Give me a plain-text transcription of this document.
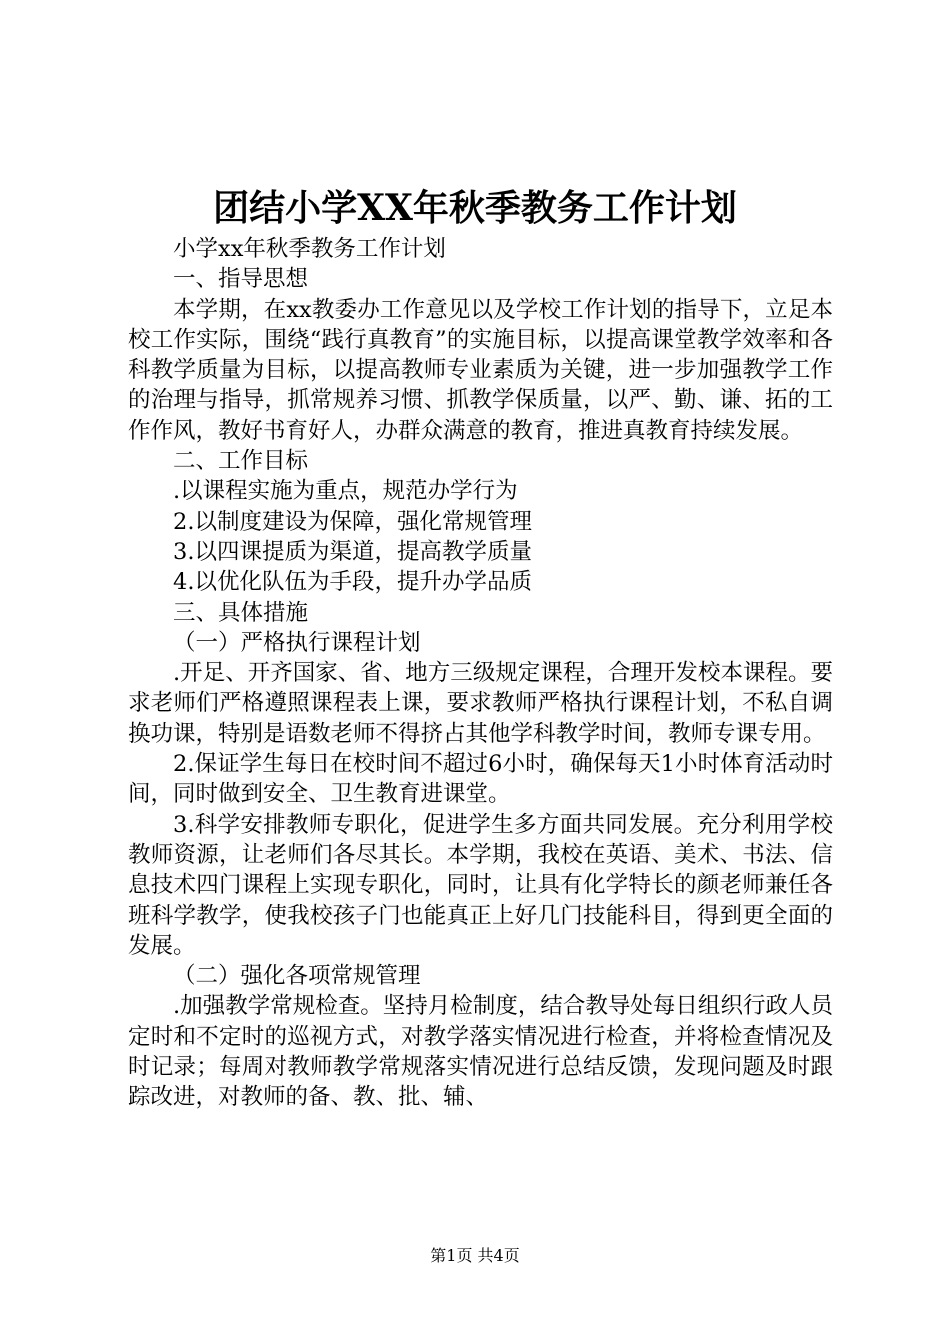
团结小学XX年秋季教务工作计划

小学xx年秋季教务工作计划

一、指导思想

本学期，在xx教委办工作意见以及学校工作计划的指导下，立足本校工作实际，围绕“践行真教育”的实施目标，以提高课堂教学效率和各科教学质量为目标，以提高教师专业素质为关键，进一步加强教学工作的治理与指导，抓常规养习惯、抓教学保质量，以严、勤、谦、拓的工作作风，教好书育好人，办群众满意的教育，推进真教育持续发展。

二、工作目标

.以课程实施为重点，规范办学行为

2.以制度建设为保障，强化常规管理

3.以四课提质为渠道，提高教学质量

4.以优化队伍为手段，提升办学品质

三、具体措施

（一）严格执行课程计划

.开足、开齐国家、省、地方三级规定课程，合理开发校本课程。要求老师们严格遵照课程表上课，要求教师严格执行课程计划，不私自调换功课，特别是语数老师不得挤占其他学科教学时间，教师专课专用。

2.保证学生每日在校时间不超过6小时，确保每天1小时体育活动时间，同时做到安全、卫生教育进课堂。

3.科学安排教师专职化，促进学生多方面共同发展。充分利用学校教师资源，让老师们各尽其长。本学期，我校在英语、美术、书法、信息技术四门课程上实现专职化，同时，让具有化学特长的颜老师兼任各班科学教学，使我校孩子门也能真正上好几门技能科目，得到更全面的发展。

（二）强化各项常规管理

.加强教学常规检查。坚持月检制度，结合教导处每日组织行政人员定时和不定时的巡视方式，对教学落实情况进行检查，并将检查情况及时记录；每周对教师教学常规落实情况进行总结反馈，发现问题及时跟踪改进，对教师的备、教、批、辅、

第1页 共4页
